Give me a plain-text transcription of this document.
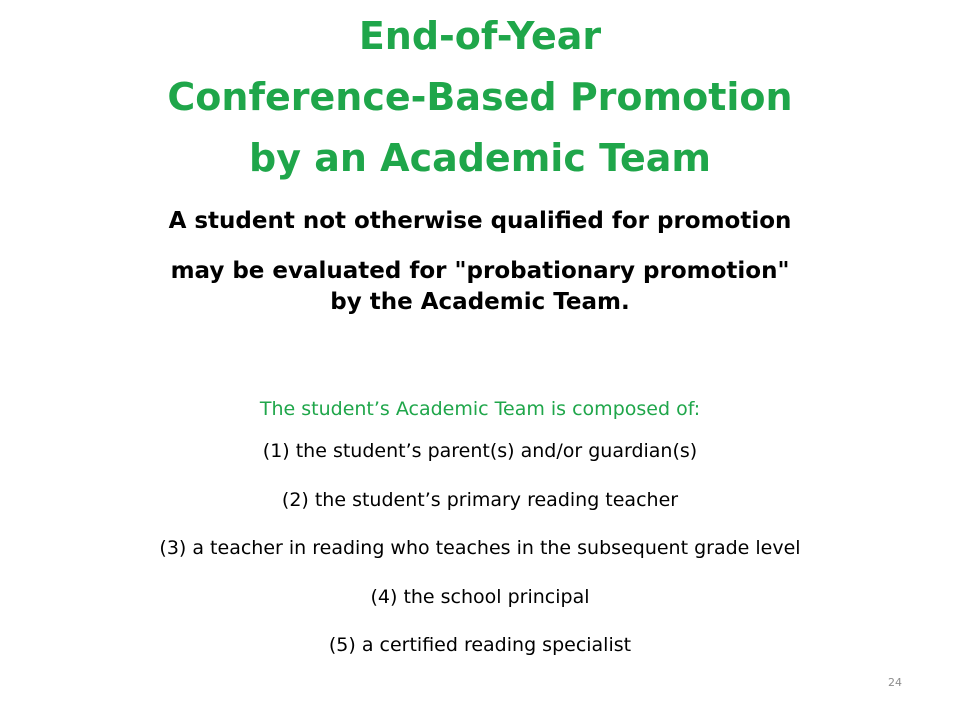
End-of-Year
Conference-Based Promotion
by an Academic Team
A student not otherwise qualified for promotion
may be evaluated for "probationary promotion"
by the Academic Team.
The student’s Academic Team is composed of:
(1) the student’s parent(s) and/or guardian(s)
(2) the student’s primary reading teacher
(3) a teacher in reading who teaches in the subsequent grade level
(4) the school principal
(5) a certified reading specialist
24
